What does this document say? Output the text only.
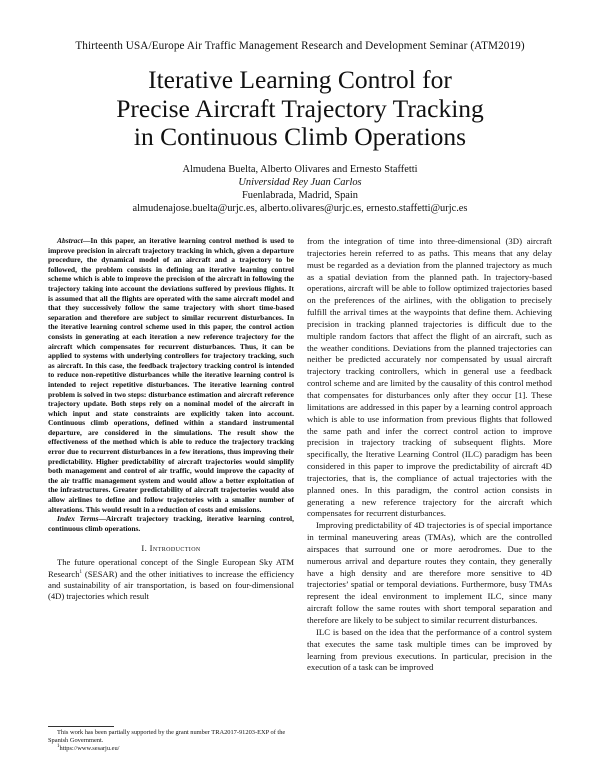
Thirteenth USA/Europe Air Traffic Management Research and Development Seminar (ATM2019)
Iterative Learning Control for
Precise Aircraft Trajectory Tracking
in Continuous Climb Operations
Almudena Buelta, Alberto Olivares and Ernesto Staffetti
Universidad Rey Juan Carlos
Fuenlabrada, Madrid, Spain
almudenajose.buelta@urjc.es, alberto.olivares@urjc.es, ernesto.staffetti@urjc.es

Abstract—In this paper, an iterative learning control method is used to improve precision in aircraft trajectory tracking in which, given a departure procedure, the dynamical model of an aircraft and a trajectory to be followed, the problem consists in defining an iterative learning control scheme which is able to improve the precision of the aircraft in following the trajectory taking into account the deviations suffered by previous flights. It is assumed that all the flights are operated with the same aircraft model and that they successively follow the same trajectory with short time-based separation and therefore are subject to similar recurrent disturbances. In the iterative learning control scheme used in this paper, the control action consists in generating at each iteration a new reference trajectory for the aircraft which compensates for recurrent disturbances. Thus, it can be applied to systems with underlying controllers for trajectory tracking, such as aircraft. In this case, the feedback trajectory tracking control is intended to reduce non-repetitive disturbances while the iterative learning control is intended to reject repetitive disturbances. The iterative learning control problem is solved in two steps: disturbance estimation and aircraft reference trajectory update. Both steps rely on a nominal model of the aircraft in which input and state constraints are explicitly taken into account. Continuous climb operations, defined within a standard instrumental departure, are considered in the simulations. The result show the effectiveness of the method which is able to reduce the trajectory tracking error due to recurrent disturbances in a few iterations, thus improving their predictability. Higher predictability of aircraft trajectories would simplify both management and control of air traffic, would improve the capacity of the air traffic management system and would allow a better exploitation of the infrastructures. Greater predictability of aircraft trajectories would also allow airlines to define and follow trajectories with a smaller number of alterations. This would result in a reduction of costs and emissions.

Index Terms—Aircraft trajectory tracking, iterative learning control, continuous climb operations.

I. Introduction

The future operational concept of the Single European Sky ATM Research$^1$ (SESAR) and the other initiatives to increase the efficiency and sustainability of air transportation, is based on four-dimensional (4D) trajectories which result

This work has been partially supported by the grant number TRA2017-91203-EXP of the Spanish Government.

$^1$https://www.sesarju.eu/

from the integration of time into three-dimensional (3D) aircraft trajectories herein referred to as paths. This means that any delay must be regarded as a deviation from the planned trajectory as much as a spatial deviation from the planned path. In trajectory-based operations, aircraft will be able to follow optimized trajectories based on the preferences of the airlines, with the obligation to precisely fulfill the arrival times at the waypoints that define them. Achieving precision in tracking planned trajectories is difficult due to the multiple random factors that affect the flight of an aircraft, such as the weather conditions. Deviations from the planned trajectories can neither be predicted accurately nor compensated by usual aircraft trajectory tracking controllers, which in general use a feedback control scheme and are limited by the causality of this control method that compensates for disturbances only after they occur [1]. These limitations are addressed in this paper by a learning control approach which is able to use information from previous flights that followed the same path and infer the correct control action to improve precision in trajectory tracking of subsequent flights. More specifically, the Iterative Learning Control (ILC) paradigm has been considered in this paper to improve the predictability of aircraft 4D trajectories, that is, the compliance of actual trajectories with the planned ones. In this paradigm, the control action consists in generating a new reference trajectory for the aircraft which compensates for recurrent disturbances.

Improving predictability of 4D trajectories is of special importance in terminal maneuvering areas (TMAs), which are the controlled airspaces that surround one or more aerodromes. Due to the numerous arrival and departure routes they contain, they generally have a high density and are therefore more sensitive to 4D trajectories’ spatial or temporal deviations. Furthermore, busy TMAs represent the ideal environment to implement ILC, since many aircraft follow the same routes with short temporal separation and therefore are likely to be subject to similar recurrent disturbances.

ILC is based on the idea that the performance of a control system that executes the same task multiple times can be improved by learning from previous executions. In particular, precision in the execution of a task can be improved
